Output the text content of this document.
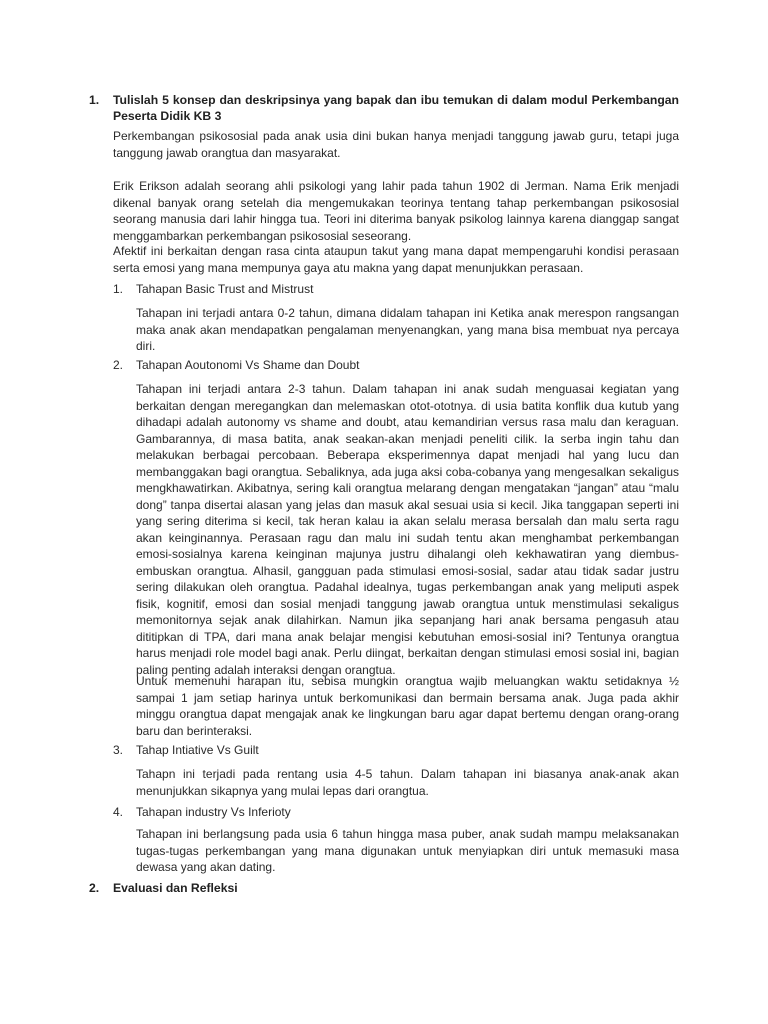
1.	Tulislah 5 konsep dan deskripsinya yang bapak dan ibu temukan di dalam modul Perkembangan Peserta Didik KB 3

Perkembangan psikososial pada anak usia dini bukan hanya menjadi tanggung jawab guru, tetapi juga tanggung jawab orangtua dan masyarakat.

Erik Erikson adalah seorang ahli psikologi yang lahir pada tahun 1902 di Jerman. Nama Erik menjadi dikenal banyak orang setelah dia mengemukakan teorinya tentang tahap perkembangan psikososial seorang manusia dari lahir hingga tua. Teori ini diterima banyak psikolog lainnya karena dianggap sangat menggambarkan perkembangan psikososial seseorang.

Afektif ini berkaitan dengan rasa cinta ataupun takut yang mana dapat mempengaruhi kondisi perasaan serta emosi yang mana mempunya gaya atu makna yang dapat menunjukkan perasaan.

1.	Tahapan Basic Trust and Mistrust

Tahapan ini terjadi antara 0-2 tahun, dimana didalam tahapan ini Ketika anak merespon rangsangan maka anak akan mendapatkan pengalaman menyenangkan, yang mana bisa membuat nya percaya diri.

2.	Tahapan Aoutonomi Vs Shame dan Doubt

Tahapan ini terjadi antara 2-3 tahun. Dalam tahapan ini anak sudah menguasai kegiatan yang berkaitan dengan meregangkan dan melemaskan otot-ototnya. di usia batita konflik dua kutub yang dihadapi adalah autonomy vs shame and doubt, atau kemandirian versus rasa malu dan keraguan. Gambarannya, di masa batita, anak seakan-akan menjadi peneliti cilik. Ia serba ingin tahu dan melakukan berbagai percobaan. Beberapa eksperimennya dapat menjadi hal yang lucu dan membanggakan bagi orangtua. Sebaliknya, ada juga aksi coba-cobanya yang mengesalkan sekaligus mengkhawatirkan. Akibatnya, sering kali orangtua melarang dengan mengatakan “jangan” atau “malu dong” tanpa disertai alasan yang jelas dan masuk akal sesuai usia si kecil. Jika tanggapan seperti ini yang sering diterima si kecil, tak heran kalau ia akan selalu merasa bersalah dan malu serta ragu akan keinginannya. Perasaan ragu dan malu ini sudah tentu akan menghambat perkembangan emosi-sosialnya karena keinginan majunya justru dihalangi oleh kekhawatiran yang diembus-embuskan orangtua. Alhasil, gangguan pada stimulasi emosi-sosial, sadar atau tidak sadar justru sering dilakukan oleh orangtua. Padahal idealnya, tugas perkembangan anak yang meliputi aspek fisik, kognitif, emosi dan sosial menjadi tanggung jawab orangtua untuk menstimulasi sekaligus memonitornya sejak anak dilahirkan. Namun jika sepanjang hari anak bersama pengasuh atau dititipkan di TPA, dari mana anak belajar mengisi kebutuhan emosi-sosial ini? Tentunya orangtua harus menjadi role model bagi anak. Perlu diingat, berkaitan dengan stimulasi emosi sosial ini, bagian paling penting adalah interaksi dengan orangtua.

Untuk memenuhi harapan itu, sebisa mungkin orangtua wajib meluangkan waktu setidaknya ½ sampai 1 jam setiap harinya untuk berkomunikasi dan bermain bersama anak. Juga pada akhir minggu orangtua dapat mengajak anak ke lingkungan baru agar dapat bertemu dengan orang-orang baru dan berinteraksi.

3.	Tahap Intiative Vs Guilt

Tahapn ini terjadi pada rentang usia 4-5 tahun. Dalam tahapan ini biasanya anak-anak akan menunjukkan sikapnya yang mulai lepas dari orangtua.

4.	Tahapan industry Vs Inferioty

Tahapan ini berlangsung pada usia 6 tahun hingga masa puber, anak sudah mampu melaksanakan tugas-tugas perkembangan yang mana digunakan untuk menyiapkan diri untuk memasuki masa dewasa yang akan dating.

2.	Evaluasi dan Refleksi
